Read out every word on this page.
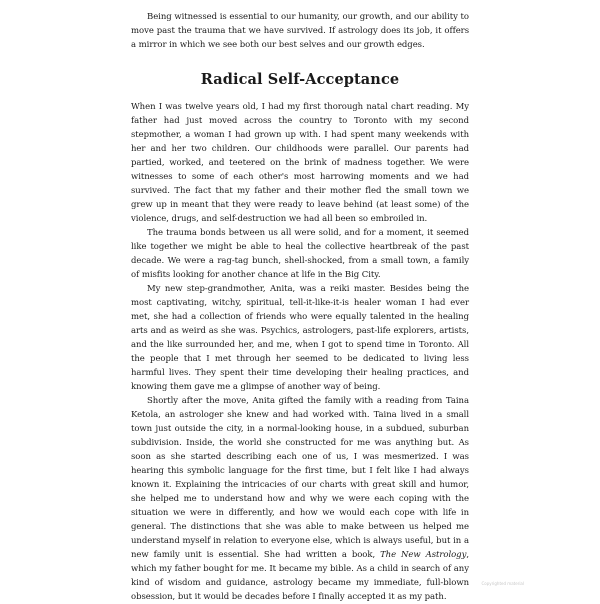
Being witnessed is essential to our humanity, our growth, and our ability to move past the trauma that we have survived. If astrology does its job, it offers a mirror in which we see both our best selves and our growth edges.

Radical Self-Acceptance

When I was twelve years old, I had my first thorough natal chart reading. My father had just moved across the country to Toronto with my second stepmother, a woman I had grown up with. I had spent many weekends with her and her two children. Our childhoods were parallel. Our parents had partied, worked, and teetered on the brink of madness together. We were witnesses to some of each other's most harrowing moments and we had survived. The fact that my father and their mother fled the small town we grew up in meant that they were ready to leave behind (at least some) of the violence, drugs, and self-destruction we had all been so embroiled in.

The trauma bonds between us all were solid, and for a moment, it seemed like together we might be able to heal the collective heartbreak of the past decade. We were a rag-tag bunch, shell-shocked, from a small town, a family of misfits looking for another chance at life in the Big City.

My new step-grandmother, Anita, was a reiki master. Besides being the most captivating, witchy, spiritual, tell-it-like-it-is healer woman I had ever met, she had a collection of friends who were equally talented in the healing arts and as weird as she was. Psychics, astrologers, past-life explorers, artists, and the like surrounded her, and me, when I got to spend time in Toronto. All the people that I met through her seemed to be dedicated to living less harmful lives. They spent their time developing their healing practices, and knowing them gave me a glimpse of another way of being.

Shortly after the move, Anita gifted the family with a reading from Taina Ketola, an astrologer she knew and had worked with. Taina lived in a small town just outside the city, in a normal-looking house, in a subdued, suburban subdivision. Inside, the world she constructed for me was anything but. As soon as she started describing each one of us, I was mesmerized. I was hearing this symbolic language for the first time, but I felt like I had always known it. Explaining the intricacies of our charts with great skill and humor, she helped me to understand how and why we were each coping with the situation we were in differently, and how we would each cope with life in general. The distinctions that she was able to make between us helped me understand myself in relation to everyone else, which is always useful, but in a new family unit is essential. She had written a book, The New Astrology, which my father bought for me. It became my bible. As a child in search of any kind of wisdom and guidance, astrology became my immediate, full-blown obsession, but it would be decades before I finally accepted it as my path.

Copyrighted material
